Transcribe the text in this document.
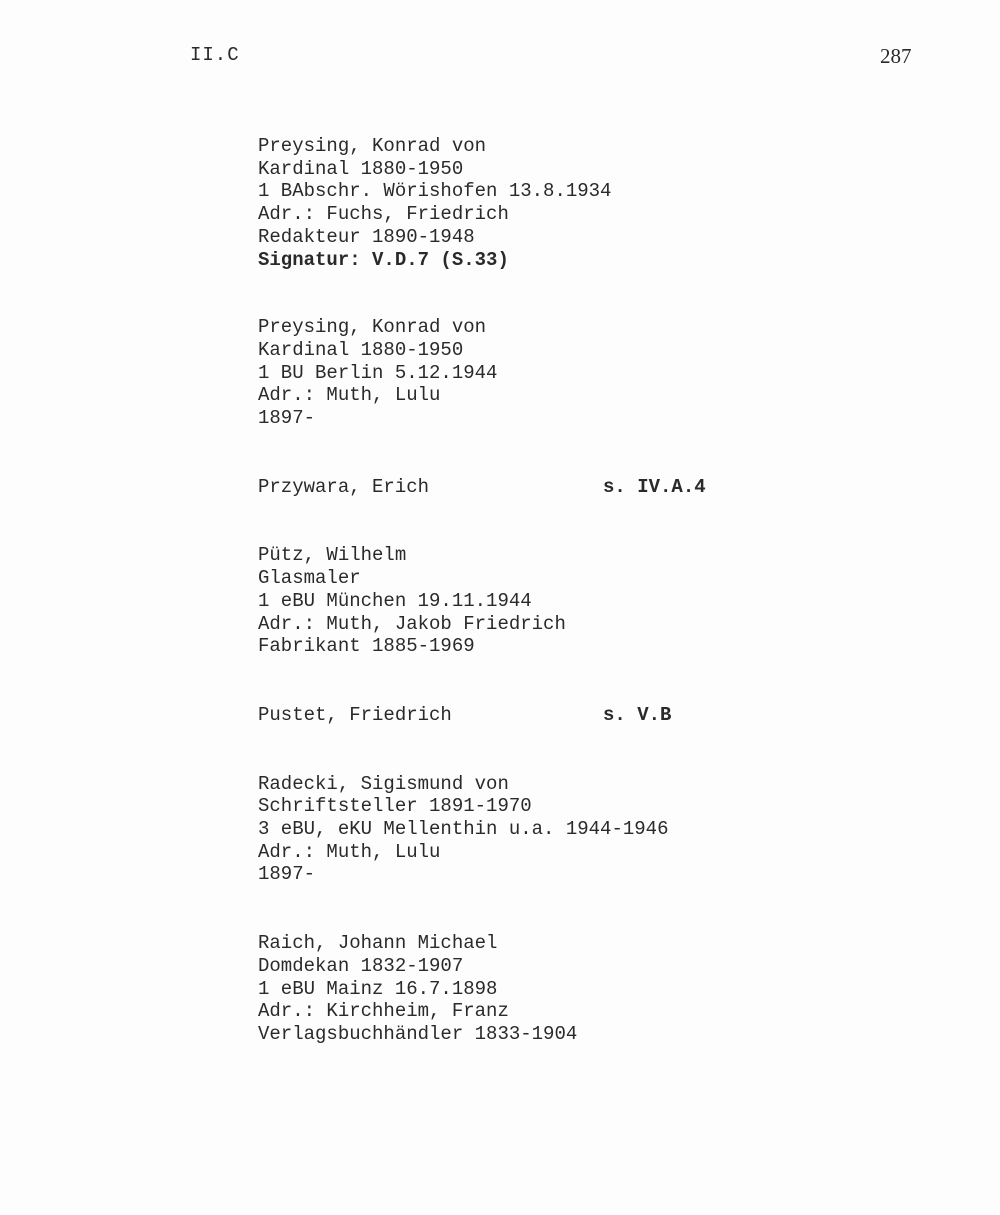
II.C	287
Preysing, Konrad von
Kardinal 1880-1950
1 BAbschr. Wörishofen 13.8.1934
Adr.: Fuchs, Friedrich
Redakteur 1890-1948
Signatur: V.D.7 (S.33)
Preysing, Konrad von
Kardinal 1880-1950
1 BU Berlin 5.12.1944
Adr.: Muth, Lulu
1897-
Przywara, Erich	s. IV.A.4
Pütz, Wilhelm
Glasmaler
1 eBU München 19.11.1944
Adr.: Muth, Jakob Friedrich
Fabrikant 1885-1969
Pustet, Friedrich	s. V.B
Radecki, Sigismund von
Schriftsteller 1891-1970
3 eBU, eKU Mellenthin u.a. 1944-1946
Adr.: Muth, Lulu
1897-
Raich, Johann Michael
Domdekan 1832-1907
1 eBU Mainz 16.7.1898
Adr.: Kirchheim, Franz
Verlagsbuchhändler 1833-1904
